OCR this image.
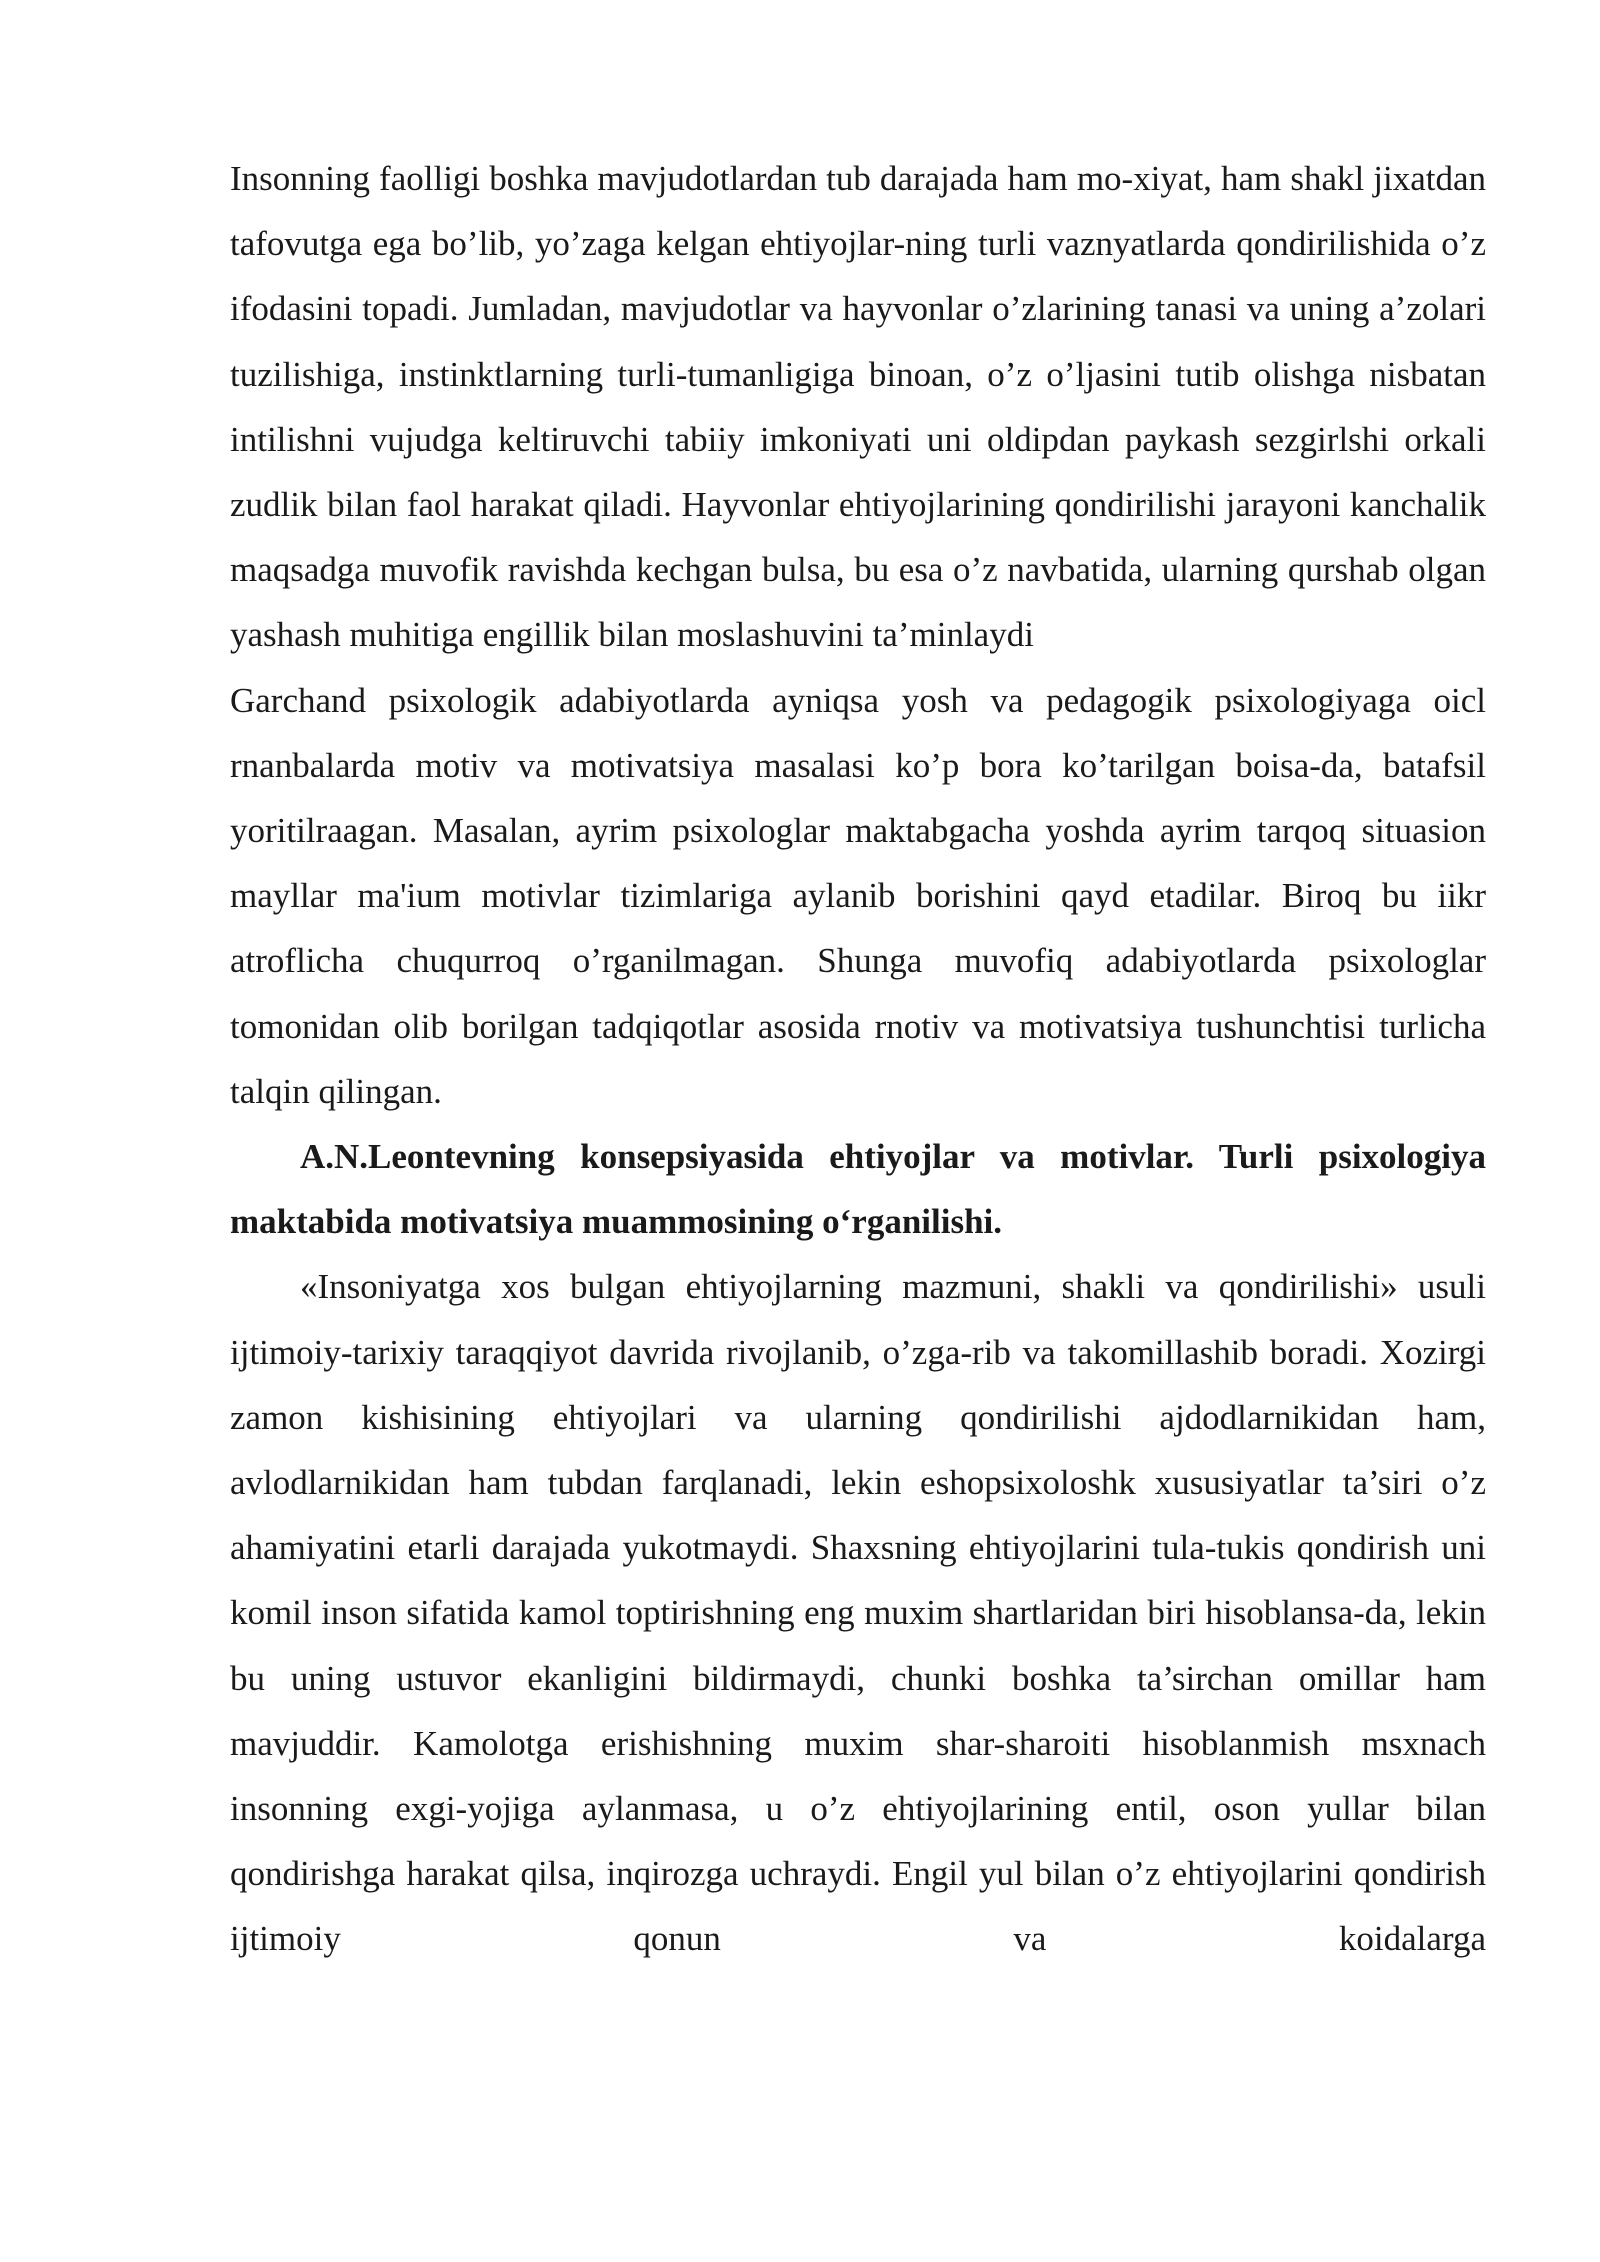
Insonning faolligi boshka mavjudotlardan tub darajada ham mo-xiyat, ham shakl jixatdan tafovutga ega bo’lib, yo’zaga kelgan ehtiyojlar-ning turli vaznyatlarda qondirilishida o’z ifodasini topadi. Jumladan, mavjudotlar va hayvonlar o’zlarining tanasi va uning a’zolari tuzilishiga, instinktlarning turli-tumanligiga binoan, o’z o’ljasini tutib olishga nisbatan intilishni vujudga keltiruvchi tabiiy imkoniyati uni oldipdan paykash sezgirlshi orkali zudlik bilan faol harakat qiladi. Hayvonlar ehtiyojlarining qondirilishi jarayoni kanchalik maqsadga muvofik ravishda kechgan bulsa, bu esa o’z navbatida, ularning qurshab olgan yashash muhitiga engillik bilan moslashuvini ta’minlaydi

Garchand psixologik adabiyotlarda ayniqsa yosh va pedagogik psixologiyaga oicl rnanbalarda motiv va motivatsiya masalasi ko’p bora ko’tarilgan boisa-da, batafsil yoritilraagan. Masalan, ayrim psixologlar maktabgacha yoshda ayrim tarqoq situasion mayllar ma'ium motivlar tizimlariga aylanib borishini qayd etadilar. Biroq bu iikr atroflicha chuqurroq o’rganilmagan. Shunga muvofiq adabiyotlarda psixologlar tomonidan olib borilgan tadqiqotlar asosida rnotiv va motivatsiya tushunchtisi turlicha talqin qilingan.

A.N.Leontevning konsepsiyasida ehtiyojlar va motivlar. Turli psixologiya maktabida motivatsiya muammosining o‘rganilishi.

«Insoniyatga xos bulgan ehtiyojlarning mazmuni, shakli va qondirilishi» usuli ijtimoiy-tarixiy taraqqiyot davrida rivojlanib, o’zga-rib va takomillashib boradi. Xozirgi zamon kishisining ehtiyojlari va ularning qondirilishi ajdodlarnikidan ham, avlodlarnikidan ham tubdan farqlanadi, lekin eshopsixoloshk xususiyatlar ta’siri o’z ahamiyatini etarli darajada yukotmaydi. Shaxsning ehtiyojlarini tula-tukis qondirish uni komil inson sifatida kamol toptirishning eng muxim shartlaridan biri hisoblansa-da, lekin bu uning ustuvor ekanligini bildirmaydi, chunki boshka ta’sirchan omillar ham mavjuddir. Kamolotga erishishning muxim shar-sharoiti hisoblanmish msxnach insonning exgi-yojiga aylanmasa, u o’z ehtiyojlarining entil, oson yullar bilan qondirishga harakat qilsa, inqirozga uchraydi. Engil yul bilan o’z ehtiyojlarini qondirish ijtimoiy qonun va koidalarga
